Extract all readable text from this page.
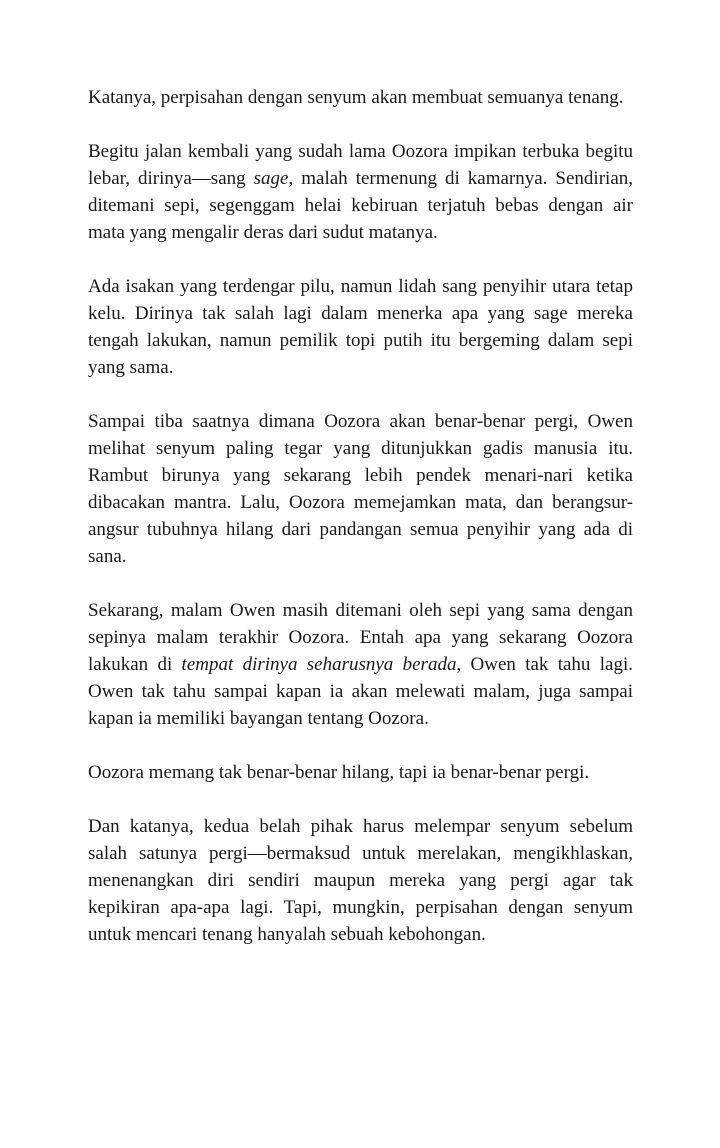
Katanya, perpisahan dengan senyum akan membuat semuanya tenang.

Begitu jalan kembali yang sudah lama Oozora impikan terbuka begitu lebar, dirinya—sang sage, malah termenung di kamarnya. Sendirian, ditemani sepi, segenggam helai kebiruan terjatuh bebas dengan air mata yang mengalir deras dari sudut matanya.

Ada isakan yang terdengar pilu, namun lidah sang penyihir utara tetap kelu. Dirinya tak salah lagi dalam menerka apa yang sage mereka tengah lakukan, namun pemilik topi putih itu bergeming dalam sepi yang sama.

Sampai tiba saatnya dimana Oozora akan benar-benar pergi, Owen melihat senyum paling tegar yang ditunjukkan gadis manusia itu. Rambut birunya yang sekarang lebih pendek menari-nari ketika dibacakan mantra. Lalu, Oozora memejamkan mata, dan berangsur-angsur tubuhnya hilang dari pandangan semua penyihir yang ada di sana.

Sekarang, malam Owen masih ditemani oleh sepi yang sama dengan sepinya malam terakhir Oozora. Entah apa yang sekarang Oozora lakukan di tempat dirinya seharusnya berada, Owen tak tahu lagi. Owen tak tahu sampai kapan ia akan melewati malam, juga sampai kapan ia memiliki bayangan tentang Oozora.

Oozora memang tak benar-benar hilang, tapi ia benar-benar pergi.

Dan katanya, kedua belah pihak harus melempar senyum sebelum salah satunya pergi—bermaksud untuk merelakan, mengikhlaskan, menenangkan diri sendiri maupun mereka yang pergi agar tak kepikiran apa-apa lagi. Tapi, mungkin, perpisahan dengan senyum untuk mencari tenang hanyalah sebuah kebohongan.
